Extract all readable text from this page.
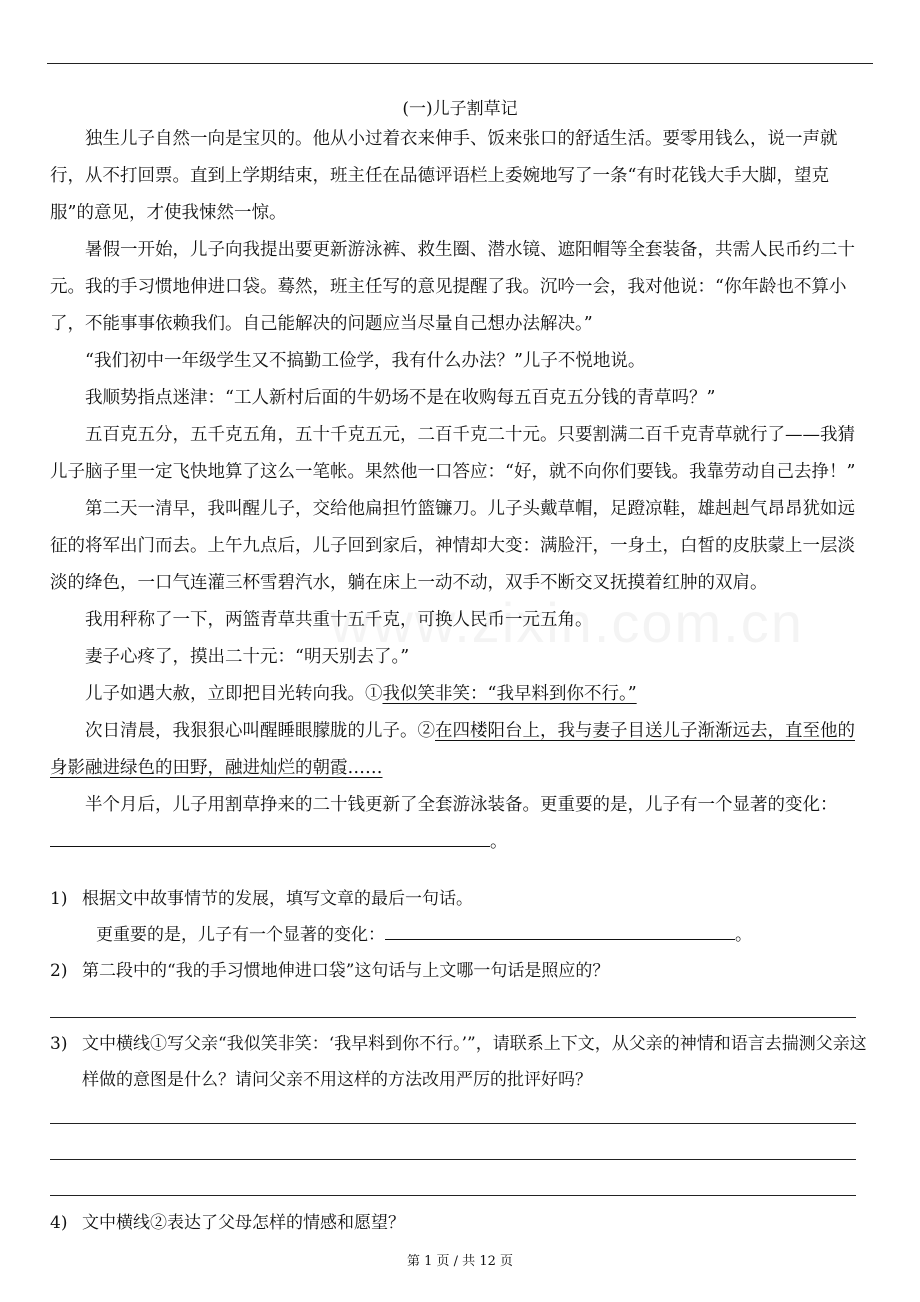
(一)儿子割草记

独生儿子自然一向是宝贝的。他从小过着衣来伸手、饭来张口的舒适生活。要零用钱么，说一声就行，从不打回票。直到上学期结束，班主任在品德评语栏上委婉地写了一条“有时花钱大手大脚，望克服”的意见，才使我悚然一惊。

暑假一开始，儿子向我提出要更新游泳裤、救生圈、潜水镜、遮阳帽等全套装备，共需人民币约二十元。我的手习惯地伸进口袋。蓦然，班主任写的意见提醒了我。沉吟一会，我对他说：“你年龄也不算小了，不能事事依赖我们。自己能解决的问题应当尽量自己想办法解决。”

“我们初中一年级学生又不搞勤工俭学，我有什么办法？”儿子不悦地说。

我顺势指点迷津：“工人新村后面的牛奶场不是在收购每五百克五分钱的青草吗？”

五百克五分，五千克五角，五十千克五元，二百千克二十元。只要割满二百千克青草就行了——我猜儿子脑子里一定飞快地算了这么一笔帐。果然他一口答应：“好，就不向你们要钱。我靠劳动自己去挣！”

第二天一清早，我叫醒儿子，交给他扁担竹篮镰刀。儿子头戴草帽，足蹬凉鞋，雄赳赳气昂昂犹如远征的将军出门而去。上午九点后，儿子回到家后，神情却大变：满脸汗，一身土，白皙的皮肤蒙上一层淡淡的绛色，一口气连灌三杯雪碧汽水，躺在床上一动不动，双手不断交叉抚摸着红肿的双肩。

我用秤称了一下，两篮青草共重十五千克，可换人民币一元五角。

妻子心疼了，摸出二十元：“明天别去了。”

儿子如遇大赦，立即把目光转向我。①我似笑非笑：“我早料到你不行。”

次日清晨，我狠狠心叫醒睡眼朦胧的儿子。②在四楼阳台上，我与妻子目送儿子渐渐远去，直至他的身影融进绿色的田野，融进灿烂的朝霞……

半个月后，儿子用割草挣来的二十钱更新了全套游泳装备。更重要的是，儿子有一个显著的变化：。

1) 根据文中故事情节的发展，填写文章的最后一句话。
更重要的是，儿子有一个显著的变化：	。
2) 第二段中的“我的手习惯地伸进口袋”这句话与上文哪一句话是照应的？
3) 文中横线①写父亲“我似笑非笑：‘我早料到你不行。’”，请联系上下文，从父亲的神情和语言去揣测父亲这样做的意图是什么？请问父亲不用这样的方法改用严厉的批评好吗？
4) 文中横线②表达了父母怎样的情感和愿望？
第 1 页 / 共 12 页
